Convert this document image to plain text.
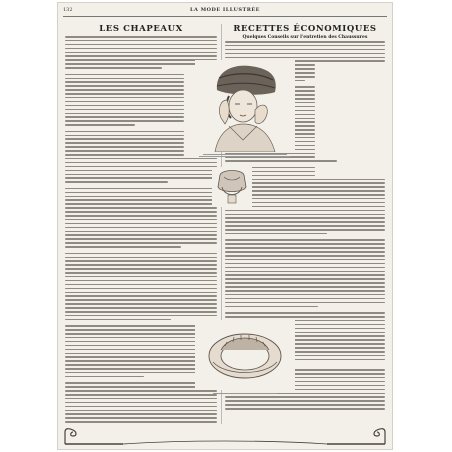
132	LA MODE ILLUSTRÉE
LES CHAPEAUX	RECETTES ÉCONOMIQUES
Quelques Conseils sur l'entretien des Chaussures
